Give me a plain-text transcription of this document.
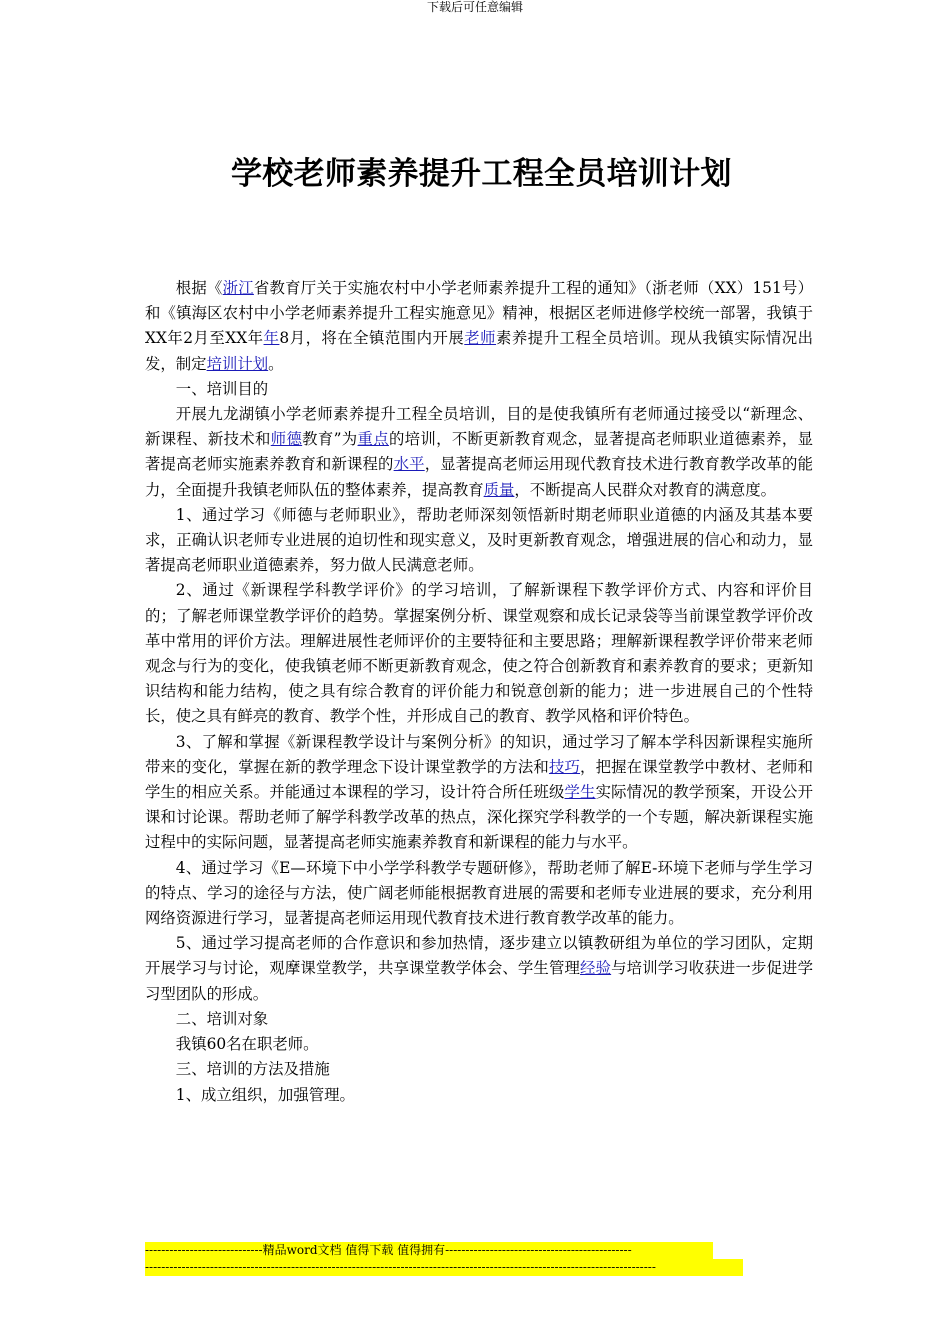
下载后可任意编辑
学校老师素养提升工程全员培训计划

根据《浙江省教育厅关于实施农村中小学老师素养提升工程的通知》（浙老师（XX）151号）和《镇海区农村中小学老师素养提升工程实施意见》精神，根据区老师进修学校统一部署，我镇于XX年2月至XX年年8月，将在全镇范围内开展老师素养提升工程全员培训。现从我镇实际情况出发，制定培训计划。

一、培训目的

开展九龙湖镇小学老师素养提升工程全员培训，目的是使我镇所有老师通过接受以“新理念、新课程、新技术和师德教育”为重点的培训，不断更新教育观念，显著提高老师职业道德素养，显著提高老师实施素养教育和新课程的水平，显著提高老师运用现代教育技术进行教育教学改革的能力，全面提升我镇老师队伍的整体素养，提高教育质量，不断提高人民群众对教育的满意度。

1、通过学习《师德与老师职业》，帮助老师深刻领悟新时期老师职业道德的内涵及其基本要求，正确认识老师专业进展的迫切性和现实意义，及时更新教育观念，增强进展的信心和动力，显著提高老师职业道德素养，努力做人民满意老师。

2、通过《新课程学科教学评价》的学习培训，了解新课程下教学评价方式、内容和评价目的；了解老师课堂教学评价的趋势。掌握案例分析、课堂观察和成长记录袋等当前课堂教学评价改革中常用的评价方法。理解进展性老师评价的主要特征和主要思路；理解新课程教学评价带来老师观念与行为的变化，使我镇老师不断更新教育观念，使之符合创新教育和素养教育的要求；更新知识结构和能力结构，使之具有综合教育的评价能力和锐意创新的能力；进一步进展自己的个性特长，使之具有鲜亮的教育、教学个性，并形成自己的教育、教学风格和评价特色。

3、了解和掌握《新课程教学设计与案例分析》的知识，通过学习了解本学科因新课程实施所带来的变化，掌握在新的教学理念下设计课堂教学的方法和技巧，把握在课堂教学中教材、老师和学生的相应关系。并能通过本课程的学习，设计符合所任班级学生实际情况的教学预案，开设公开课和讨论课。帮助老师了解学科教学改革的热点，深化探究学科教学的一个专题，解决新课程实施过程中的实际问题，显著提高老师实施素养教育和新课程的能力与水平。

4、通过学习《E—环境下中小学学科教学专题研修》，帮助老师了解E-环境下老师与学生学习的特点、学习的途径与方法，使广阔老师能根据教育进展的需要和老师专业进展的要求，充分利用网络资源进行学习，显著提高老师运用现代教育技术进行教育教学改革的能力。

5、通过学习提高老师的合作意识和参加热情，逐步建立以镇教研组为单位的学习团队，定期开展学习与讨论，观摩课堂教学，共享课堂教学体会、学生管理经验与培训学习收获进一步促进学习型团队的形成。

二、培训对象

我镇60名在职老师。

三、培训的方法及措施

1、成立组织，加强管理。

-----------------------------精品word文档 值得下载 值得拥有----------------------------------------------
------------------------------------------------------------------------------------------------------------------------------
